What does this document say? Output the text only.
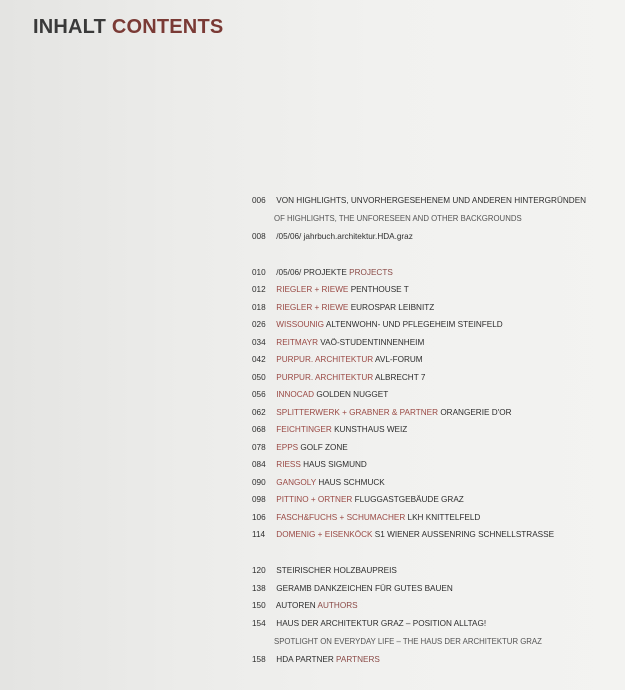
INHALT CONTENTS
006 VON HIGHLIGHTS, UNVORHERGESEHENEM UND ANDEREN HINTERGRÜNDEN
OF HIGHLIGHTS, THE UNFORESEEN AND OTHER BACKGROUNDS
008 /05/06/ jahrbuch.architektur.HDA.graz
010 /05/06/ PROJEKTE PROJECTS
012 RIEGLER + RIEWE PENTHOUSE T
018 RIEGLER + RIEWE EUROSPAR LEIBNITZ
026 WISSOUNIG ALTENWOHN- UND PFLEGEHEIM STEINFELD
034 REITMAYR VAÖ-STUDENTINNENHEIM
042 PURPUR. ARCHITEKTUR AVL-FORUM
050 PURPUR. ARCHITEKTUR ALBRECHT 7
056 INNOCAD GOLDEN NUGGET
062 SPLITTERWERK + GRABNER & PARTNER ORANGERIE D'OR
068 FEICHTINGER KUNSTHAUS WEIZ
078 EPPS GOLF ZONE
084 RIESS HAUS SIGMUND
090 GANGOLY HAUS SCHMUCK
098 PITTINO + ORTNER FLUGGASTGEBÄUDE GRAZ
106 FASCH&FUCHS + SCHUMACHER LKH KNITTELFELD
114 DOMENIG + EISENKÖCK S1 WIENER AUSSENRING SCHNELLSTRASSE
120 STEIRISCHER HOLZBAUPREIS
138 GERAMB DANKZEICHEN FÜR GUTES BAUEN
150 AUTOREN AUTHORS
154 HAUS DER ARCHITEKTUR GRAZ – POSITION ALLTAG!
SPOTLIGHT ON EVERYDAY LIFE – THE HAUS DER ARCHITEKTUR GRAZ
158 HDA PARTNER PARTNERS
